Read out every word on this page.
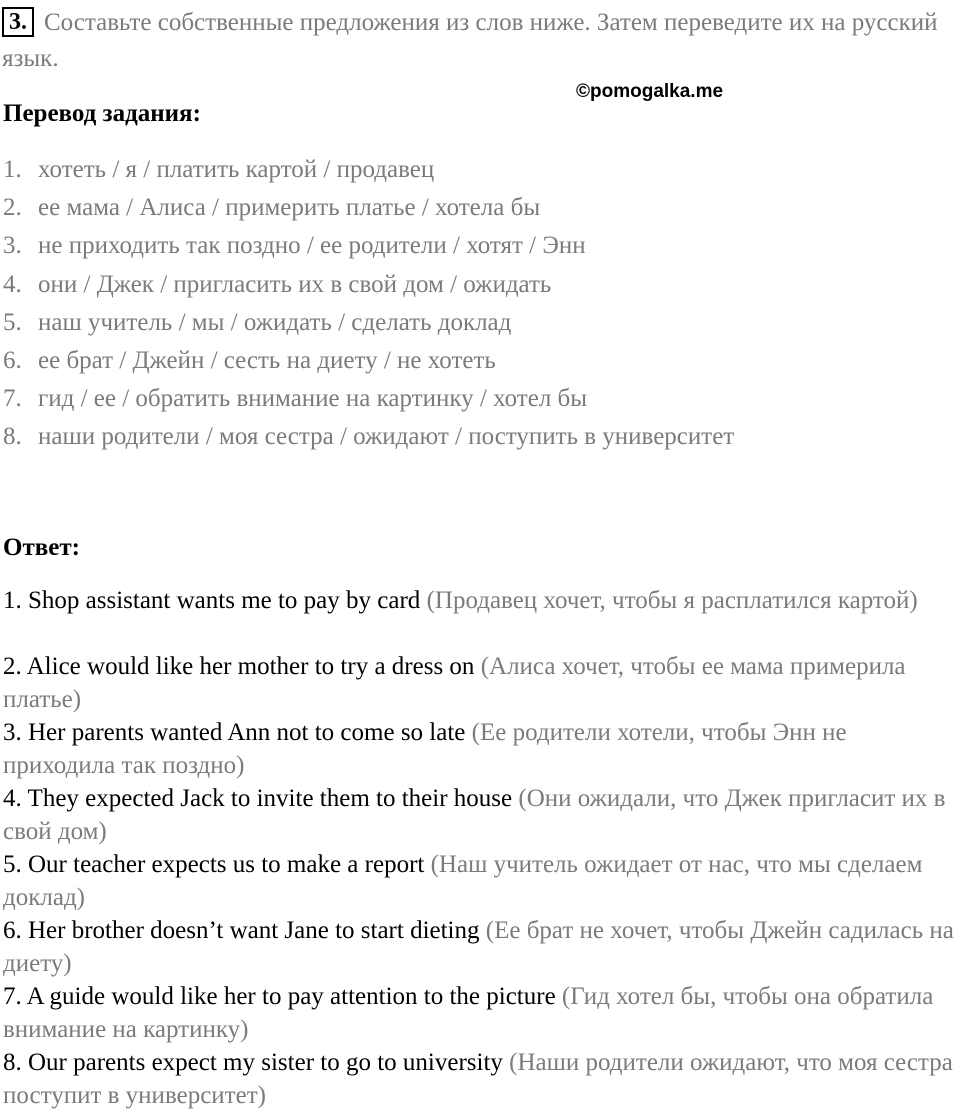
3. Составьте собственные предложения из слов ниже. Затем переведите их на русский язык.
©pomogalka.me
Перевод задания:
1. хотеть / я / платить картой / продавец
2. ее мама / Алиса / примерить платье / хотела бы
3. не приходить так поздно / ее родители / хотят / Энн
4. они / Джек / пригласить их в свой дом / ожидать
5. наш учитель / мы / ожидать / сделать доклад
6. ее брат / Джейн / сесть на диету / не хотеть
7. гид / ее / обратить внимание на картинку / хотел бы
8. наши родители / моя сестра / ожидают / поступить в университет
Ответ:
1. Shop assistant wants me to pay by card (Продавец хочет, чтобы я расплатился картой)
2. Alice would like her mother to try a dress on (Алиса хочет, чтобы ее мама примерила платье)
3. Her parents wanted Ann not to come so late (Ее родители хотели, чтобы Энн не приходила так поздно)
4. They expected Jack to invite them to their house (Они ожидали, что Джек пригласит их в свой дом)
5. Our teacher expects us to make a report (Наш учитель ожидает от нас, что мы сделаем доклад)
6. Her brother doesn’t want Jane to start dieting (Ее брат не хочет, чтобы Джейн садилась на диету)
7. A guide would like her to pay attention to the picture (Гид хотел бы, чтобы она обратила внимание на картинку)
8. Our parents expect my sister to go to university (Наши родители ожидают, что моя сестра поступит в университет)
